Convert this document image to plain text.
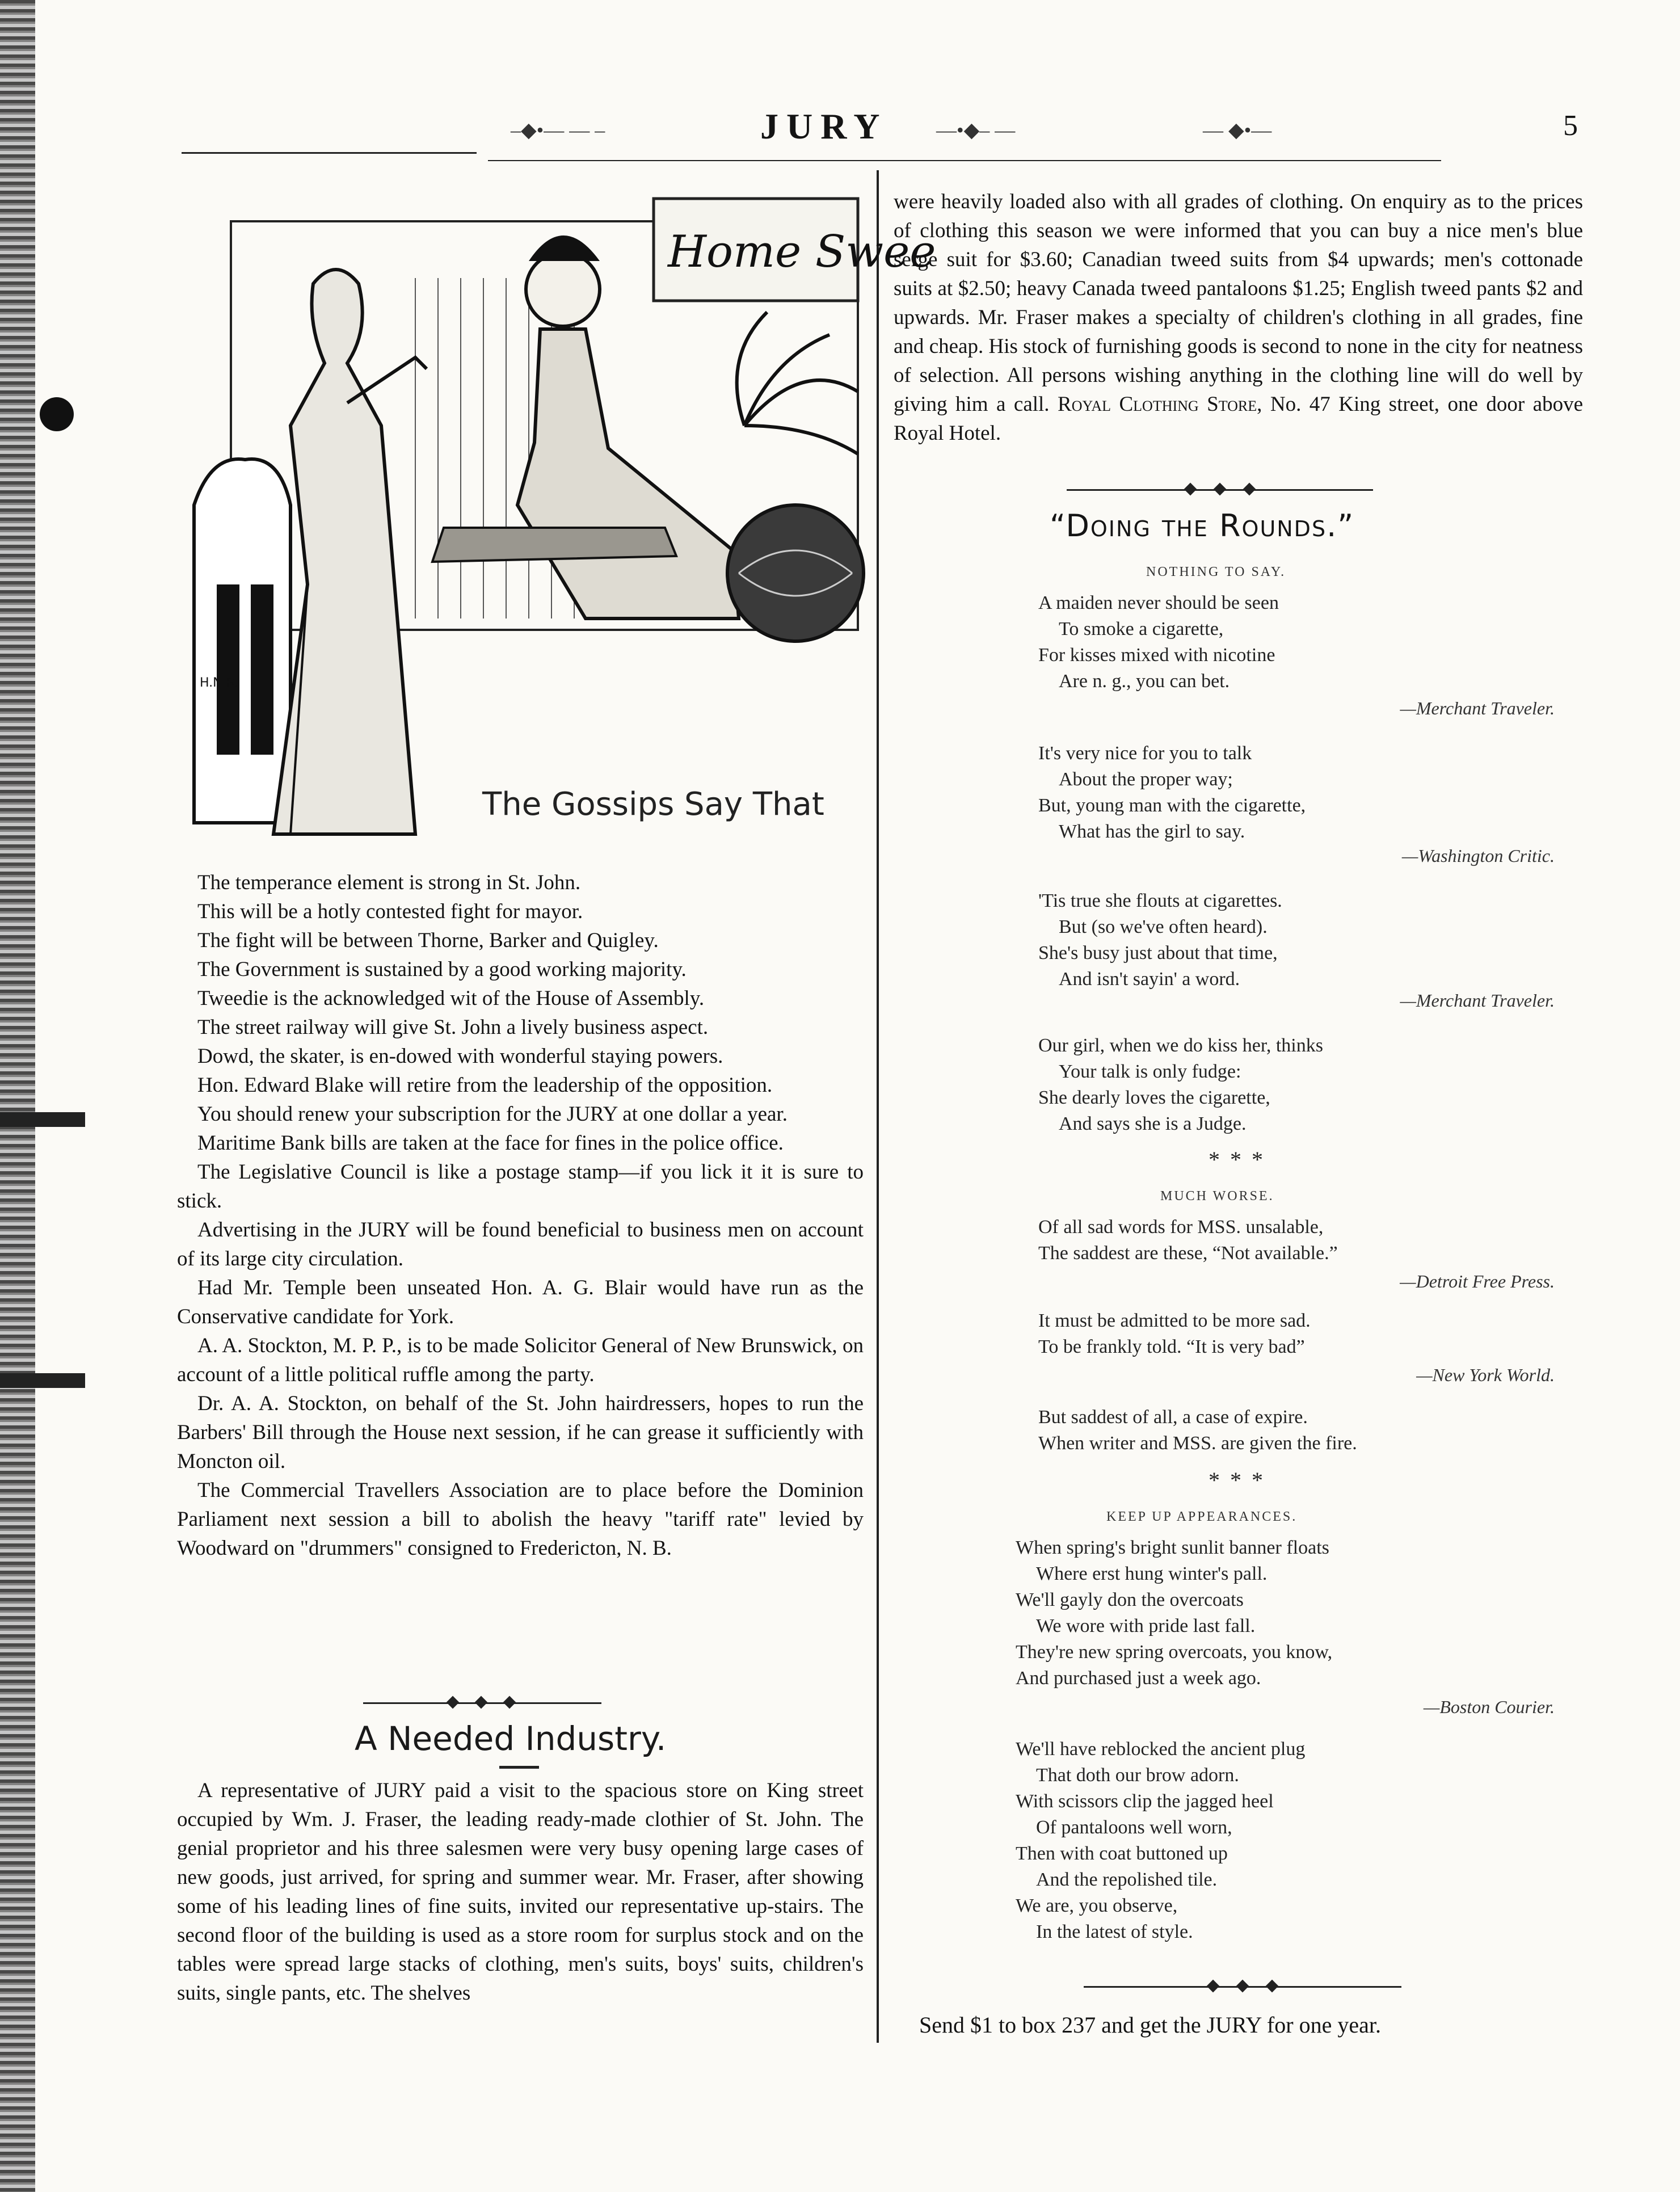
–◆•— — –	JURY —•◆– —	— ◆•—	5
Home Swee
H.N.R.
The Gossips Say That

The temperance element is strong in St. John.

This will be a hotly contested fight for mayor.

The fight will be between Thorne, Barker and Quigley.

The Government is sustained by a good working majority.

Tweedie is the acknowledged wit of the House of Assembly.

The street railway will give St. John a lively business aspect.

Dowd, the skater, is en-dowed with wonderful staying powers.

Hon. Edward Blake will retire from the leadership of the opposition.

You should renew your subscription for the JURY at one dollar a year.

Maritime Bank bills are taken at the face for fines in the police office.

The Legislative Council is like a postage stamp—if you lick it it is sure to stick.

Advertising in the JURY will be found beneficial to business men on account of its large city circulation.

Had Mr. Temple been unseated Hon. A. G. Blair would have run as the Conservative candidate for York.

A. A. Stockton, M. P. P., is to be made Solicitor General of New Brunswick, on account of a little political ruffle among the party.

Dr. A. A. Stockton, on behalf of the St. John hairdressers, hopes to run the Barbers' Bill through the House next session, if he can grease it sufficiently with Moncton oil.

The Commercial Travellers Association are to place before the Dominion Parliament next session a bill to abolish the heavy "tariff rate" levied by Woodward on "drummers" consigned to Fredericton, N. B.

A Needed Industry.

A representative of JURY paid a visit to the spacious store on King street occupied by Wm. J. Fraser, the leading ready-made clothier of St. John. The genial proprietor and his three salesmen were very busy opening large cases of new goods, just arrived, for spring and summer wear. Mr. Fraser, after showing some of his leading lines of fine suits, invited our representative up-stairs. The second floor of the building is used as a store room for surplus stock and on the tables were spread large stacks of clothing, men's suits, boys' suits, children's suits, single pants, etc. The shelves

were heavily loaded also with all grades of clothing. On enquiry as to the prices of clothing this season we were informed that you can buy a nice men's blue serge suit for $3.60; Canadian tweed suits from $4 upwards; men's cottonade suits at $2.50; heavy Canada tweed pantaloons $1.25; English tweed pants $2 and upwards. Mr. Fraser makes a specialty of children's clothing in all grades, fine and cheap. His stock of furnishing goods is second to none in the city for neatness of selection. All persons wishing anything in the clothing line will do well by giving him a call. Royal Clothing Store, No. 47 King street, one door above Royal Hotel.

“Doing the Rounds.”
NOTHING TO SAY.
A maiden never should be seen
To smoke a cigarette,
For kisses mixed with nicotine
Are n. g., you can bet.
—Merchant Traveler.
It's very nice for you to talk
About the proper way;
But, young man with the cigarette,
What has the girl to say.
—Washington Critic.
'Tis true she flouts at cigarettes.
But (so we've often heard).
She's busy just about that time,
And isn't sayin' a word.
—Merchant Traveler.
Our girl, when we do kiss her, thinks
Your talk is only fudge:
She dearly loves the cigarette,
And says she is a Judge.
* * *
MUCH WORSE.
Of all sad words for MSS. unsalable,
The saddest are these, “Not available.”
—Detroit Free Press.
It must be admitted to be more sad.
To be frankly told. “It is very bad”
—New York World.
But saddest of all, a case of expire.
When writer and MSS. are given the fire.
* * *
KEEP UP APPEARANCES.
When spring's bright sunlit banner floats
Where erst hung winter's pall.
We'll gayly don the overcoats
We wore with pride last fall.
They're new spring overcoats, you know,
And purchased just a week ago.
—Boston Courier.
We'll have reblocked the ancient plug
That doth our brow adorn.
With scissors clip the jagged heel
Of pantaloons well worn,
Then with coat buttoned up
And the repolished tile.
We are, you observe,
In the latest of style.
Send $1 to box 237 and get the JURY for one year.
